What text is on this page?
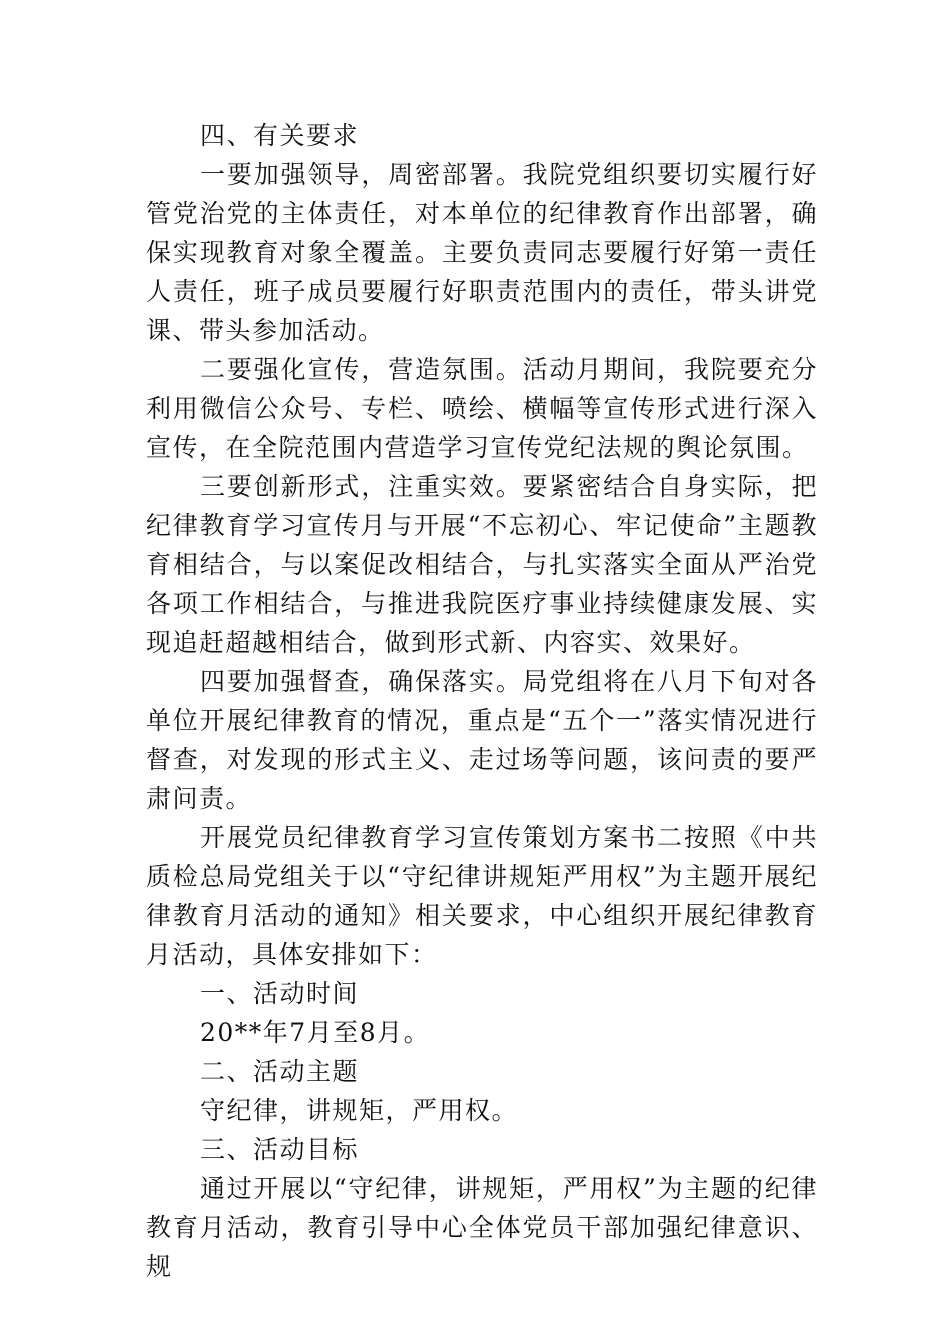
四、有关要求

一要加强领导，周密部署。我院党组织要切实履行好管党治党的主体责任，对本单位的纪律教育作出部署，确保实现教育对象全覆盖。主要负责同志要履行好第一责任人责任，班子成员要履行好职责范围内的责任，带头讲党课、带头参加活动。

二要强化宣传，营造氛围。活动月期间，我院要充分利用微信公众号、专栏、喷绘、横幅等宣传形式进行深入宣传，在全院范围内营造学习宣传党纪法规的舆论氛围。

三要创新形式，注重实效。要紧密结合自身实际，把纪律教育学习宣传月与开展“不忘初心、牢记使命”主题教育相结合，与以案促改相结合，与扎实落实全面从严治党各项工作相结合，与推进我院医疗事业持续健康发展、实现追赶超越相结合，做到形式新、内容实、效果好。

四要加强督查，确保落实。局党组将在八月下旬对各单位开展纪律教育的情况，重点是“五个一”落实情况进行督查，对发现的形式主义、走过场等问题，该问责的要严肃问责。

开展党员纪律教育学习宣传策划方案书二按照《中共质检总局党组关于以“守纪律讲规矩严用权”为主题开展纪律教育月活动的通知》相关要求，中心组织开展纪律教育月活动，具体安排如下：

一、活动时间

20**年7月至8月。

二、活动主题

守纪律，讲规矩，严用权。

三、活动目标

通过开展以“守纪律，讲规矩，严用权”为主题的纪律教育月活动，教育引导中心全体党员干部加强纪律意识、规
